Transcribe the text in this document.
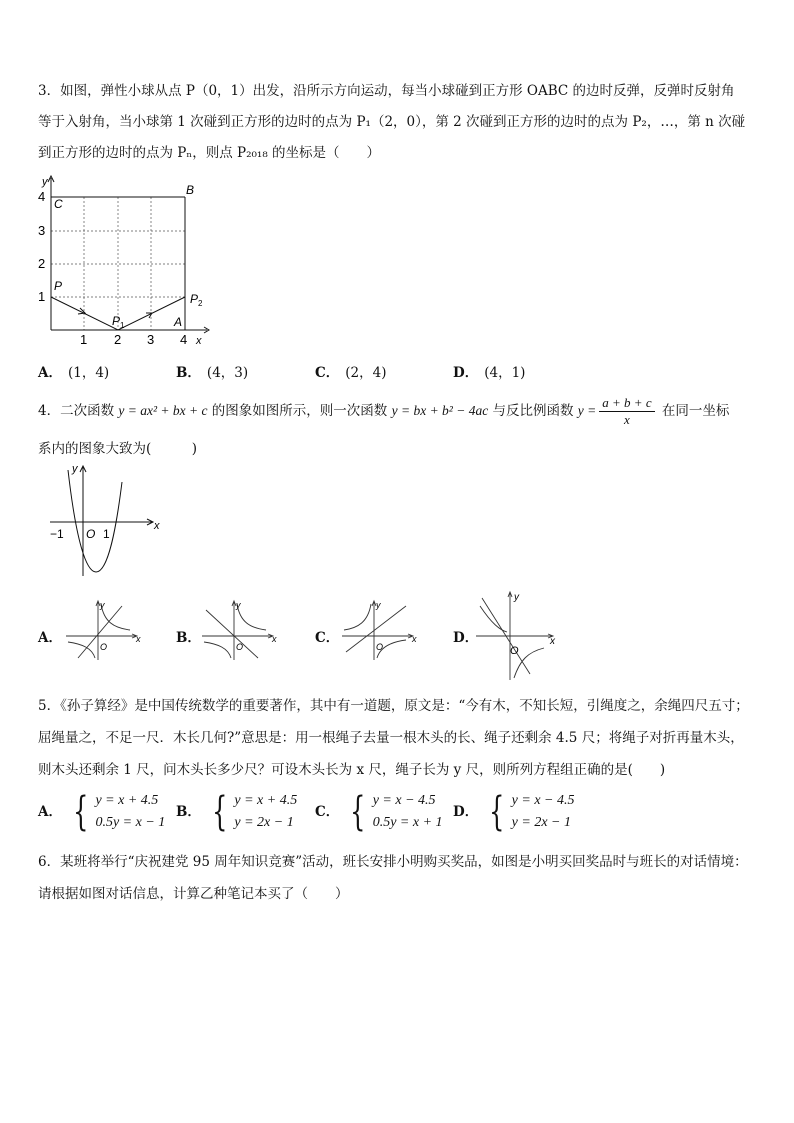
3．如图，弹性小球从点 P（0，1）出发，沿所示方向运动，每当小球碰到正方形 OABC 的边时反弹，反弹时反射角
等于入射角，当小球第 1 次碰到正方形的边时的点为 P₁（2，0），第 2 次碰到正方形的边时的点为 P₂，…，第 n 次碰
到正方形的边时的点为 Pₙ，则点 P₂₀₁₈ 的坐标是（　　）
y
x
4
3
2
1
1 2 3 4
C
B
P
P 1
P 2
A
A． (1，4)	B． (4，3)	C． (2，4)	D． (4，1)
4．二次函数 y = ax² + bx + c 的图象如图所示，则一次函数 y = bx + b² − 4ac 与反比例函数 $y = \frac{a + b + c}{x}$ 在同一坐标
系内的图象大致为(　　　)
y
x
−1 O 1
A．
y
x
O
B．
y
x
O
C．
y
x
O
D．
y
x
O
5．《孙子算经》是中国传统数学的重要著作，其中有一道题，原文是：“今有木，不知长短，引绳度之，余绳四尺五寸；
屈绳量之，不足一尺．木长几何?”意思是：用一根绳子去量一根木头的长、绳子还剩余 4.5 尺；将绳子对折再量木头，
则木头还剩余 1 尺，问木头长多少尺？可设木头长为 x 尺，绳子长为 y 尺，则所列方程组正确的是(　　)
A． { y = x + 4.5
0.5y = x − 1
B． { y = x + 4.5
y = 2x − 1
C． { y = x − 4.5
0.5y = x + 1
D． { y = x − 4.5
y = 2x − 1
6．某班将举行“庆祝建党 95 周年知识竞赛”活动，班长安排小明购买奖品，如图是小明买回奖品时与班长的对话情境：
请根据如图对话信息，计算乙种笔记本买了（　　）
